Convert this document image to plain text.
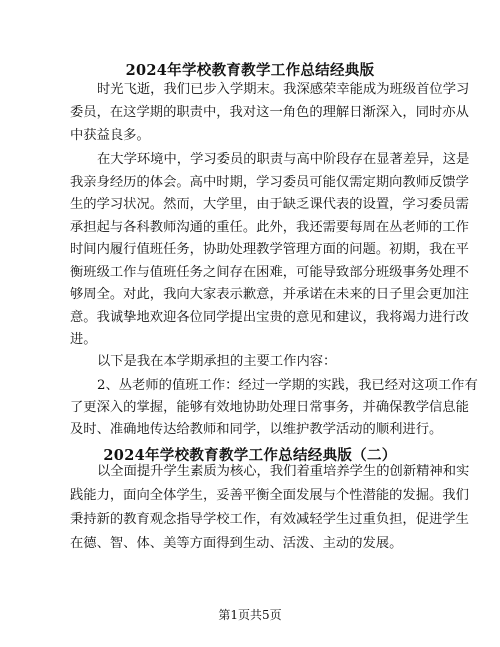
2024年学校教育教学工作总结经典版
时光飞逝，我们已步入学期末。我深感荣幸能成为班级首位学习
委员，在这学期的职责中，我对这一角色的理解日渐深入，同时亦从
中获益良多。
在大学环境中，学习委员的职责与高中阶段存在显著差异，这是
我亲身经历的体会。高中时期，学习委员可能仅需定期向教师反馈学
生的学习状况。然而，大学里，由于缺乏课代表的设置，学习委员需
承担起与各科教师沟通的重任。此外，我还需要每周在丛老师的工作
时间内履行值班任务，协助处理教学管理方面的问题。初期，我在平
衡班级工作与值班任务之间存在困难，可能导致部分班级事务处理不
够周全。对此，我向大家表示歉意，并承诺在未来的日子里会更加注
意。我诚挚地欢迎各位同学提出宝贵的意见和建议，我将竭力进行改
进。
以下是我在本学期承担的主要工作内容：
2、丛老师的值班工作：经过一学期的实践，我已经对这项工作有
了更深入的掌握，能够有效地协助处理日常事务，并确保教学信息能
2024年学校教育教学工作总结经典版（二）
以全面提升学生素质为核心，我们着重培养学生的创新精神和实
践能力，面向全体学生，妥善平衡全面发展与个性潜能的发掘。我们
秉持新的教育观念指导学校工作，有效减轻学生过重负担，促进学生
在德、智、体、美等方面得到生动、活泼、主动的发展。
第1页共5页
及时、准确地传达给教师和同学，以维护教学活动的顺利进行。
